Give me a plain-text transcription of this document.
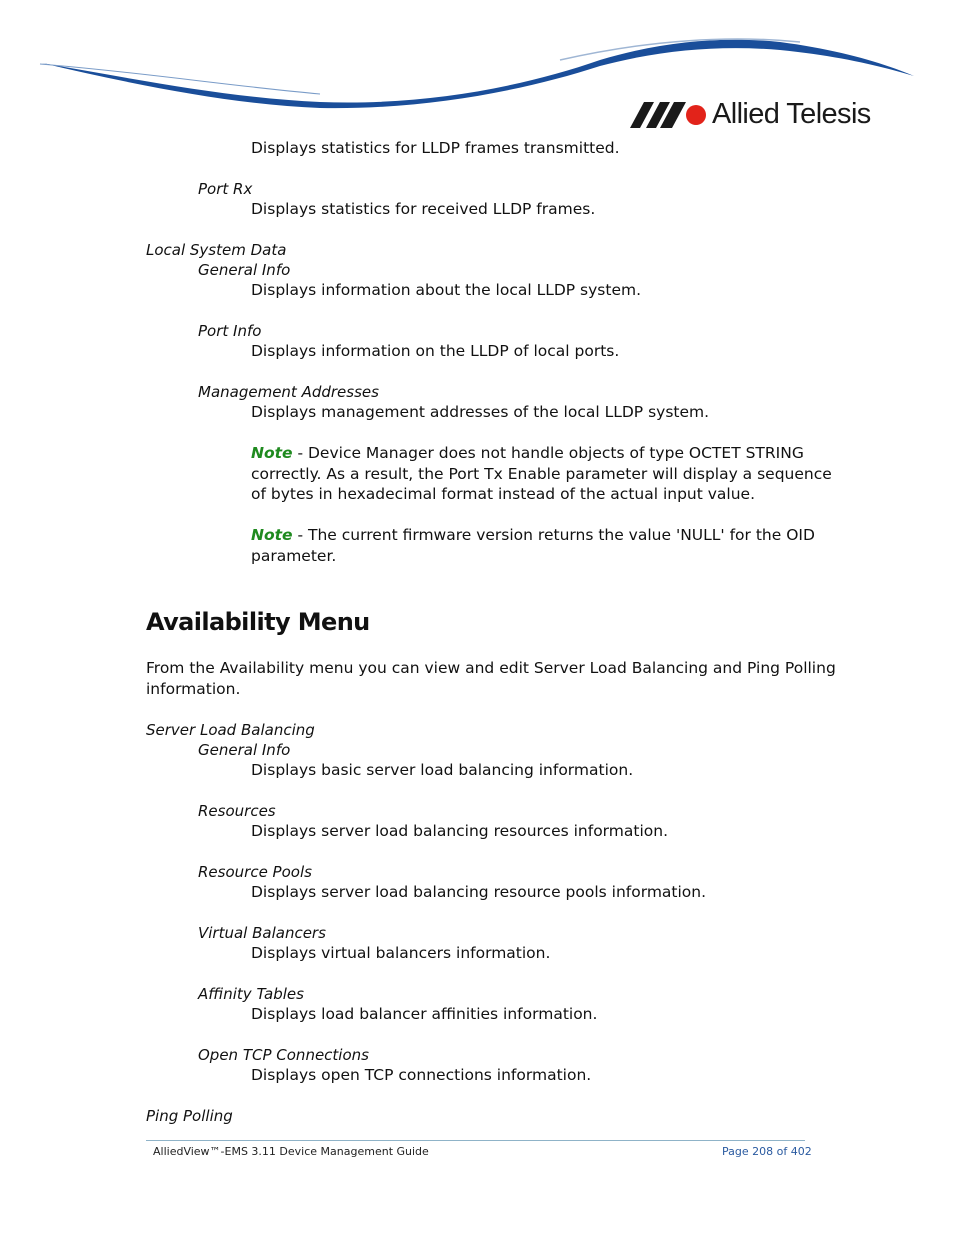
Allied Telesis
Displays statistics for LLDP frames transmitted.
Port Rx
Displays statistics for received LLDP frames.
Local System Data
General Info
Displays information about the local LLDP system.
Port Info
Displays information on the LLDP of local ports.
Management Addresses
Displays management addresses of the local LLDP system.
Note - Device Manager does not handle objects of type OCTET STRING
correctly. As a result, the Port Tx Enable parameter will display a sequence
of bytes in hexadecimal format instead of the actual input value.
Note - The current firmware version returns the value 'NULL' for the OID
parameter.
Availability Menu
From the Availability menu you can view and edit Server Load Balancing and Ping Polling
information.
Server Load Balancing
General Info
Displays basic server load balancing information.
Resources
Displays server load balancing resources information.
Resource Pools
Displays server load balancing resource pools information.
Virtual Balancers
Displays virtual balancers information.
Affinity Tables
Displays load balancer affinities information.
Open TCP Connections
Displays open TCP connections information.
Ping Polling
AlliedView™-EMS 3.11 Device Management Guide	Page 208 of 402
